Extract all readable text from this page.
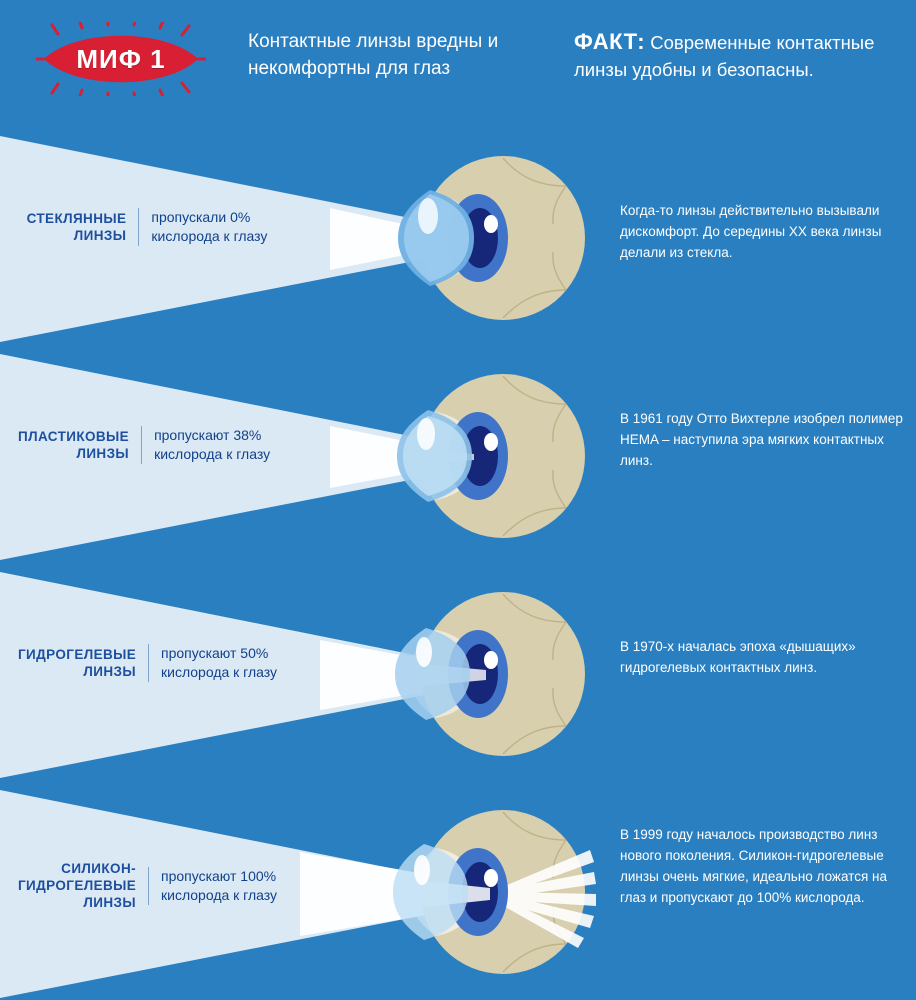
МИФ 1
Контактные линзы вредны и некомфортны для глаз
ФАКТ: Современные контактные линзы удобны и безопасны.
СТЕКЛЯННЫЕ ЛИНЗЫ
пропускали 0% кислорода к глазу
Когда-то линзы действительно вызывали дискомфорт. До середины XX века линзы делали из стекла.
ПЛАСТИКОВЫЕ ЛИНЗЫ
пропускают 38% кислорода к глазу
В 1961 году Отто Вихтерле изобрел полимер HEMA – наступила эра мягких контактных линз.
ГИДРОГЕЛЕВЫЕ ЛИНЗЫ
пропускают 50% кислорода к глазу
В 1970-х началась эпоха «дышащих» гидрогелевых контактных линз.
СИЛИКОН-ГИДРОГЕЛЕВЫЕ ЛИНЗЫ
пропускают 100% кислорода к глазу
В 1999 году началось производство линз нового поколения. Силикон-гидрогелевые линзы очень мягкие, идеально ложатся на глаз и пропускают до 100% кислорода.
